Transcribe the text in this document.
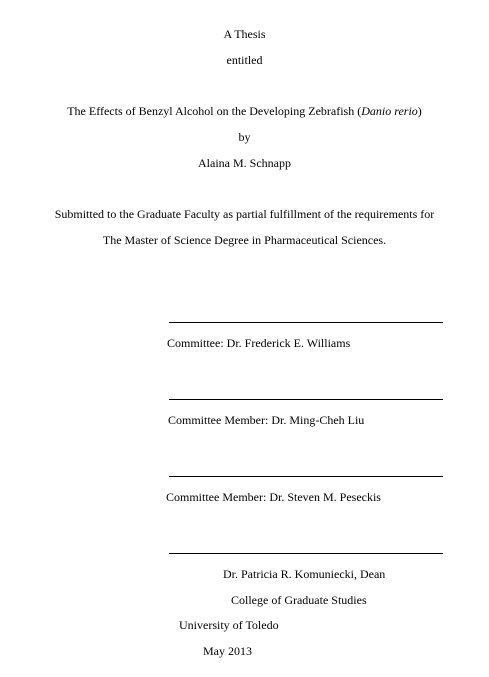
A Thesis
entitled
The Effects of Benzyl Alcohol on the Developing Zebrafish (Danio rerio)
by
Alaina M. Schnapp
Submitted to the Graduate Faculty as partial fulfillment of the requirements for
The Master of Science Degree in Pharmaceutical Sciences.
Committee: Dr. Frederick E. Williams
Committee Member: Dr. Ming-Cheh Liu
Committee Member: Dr. Steven M. Peseckis
Dr. Patricia R. Komuniecki, Dean
College of Graduate Studies
University of Toledo
May 2013
